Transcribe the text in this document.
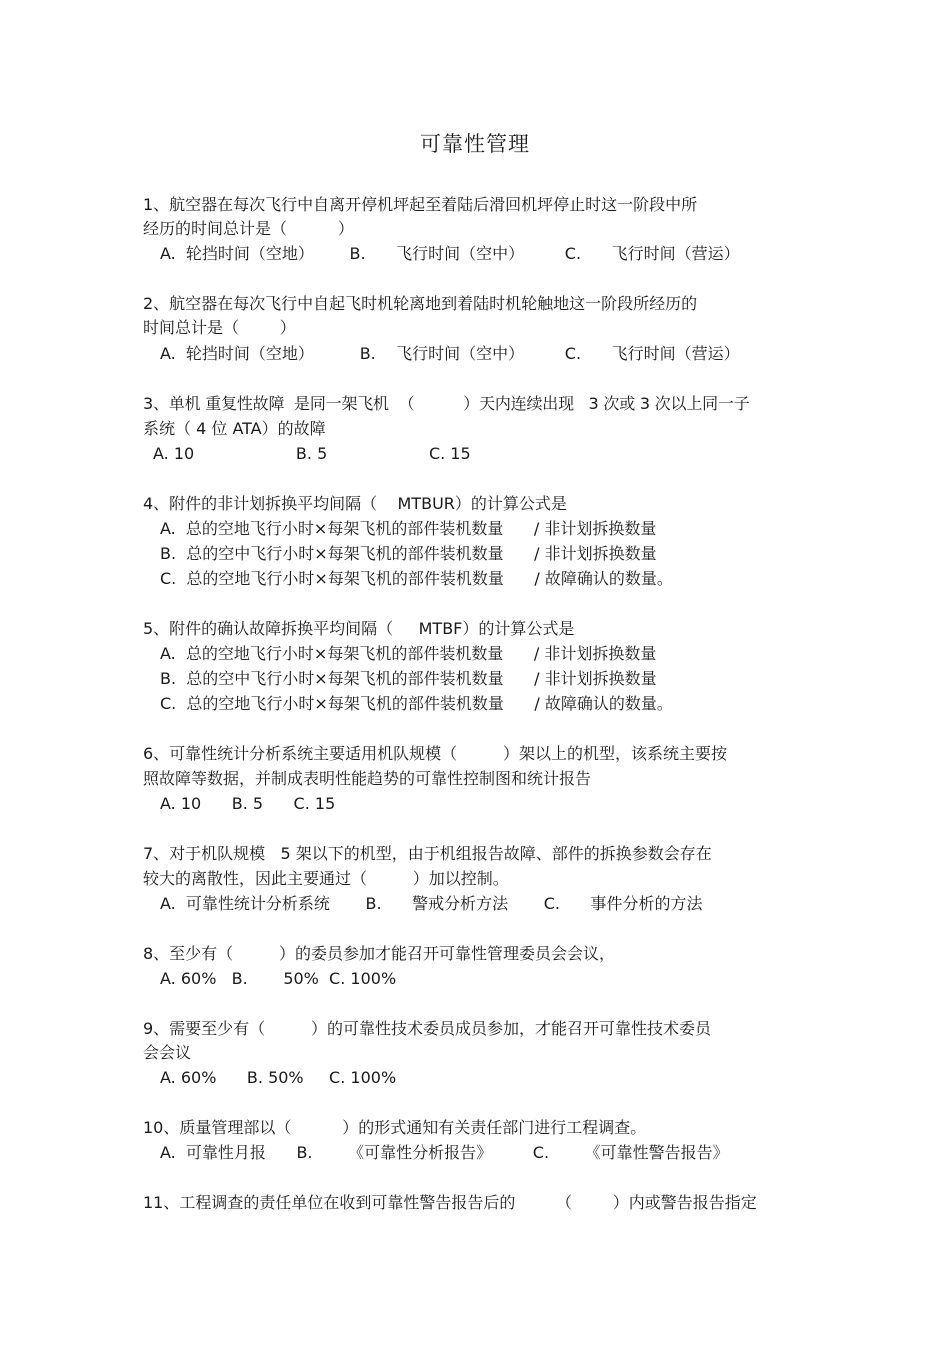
可靠性管理
1、航空器在每次飞行中自离开停机坪起至着陆后滑回机坪停止时这一阶段中所
经历的时间总计是（          ）
A.  轮挡时间（空地）       B.      飞行时间（空中）        C.      飞行时间（营运）
2、航空器在每次飞行中自起飞时机轮离地到着陆时机轮触地这一阶段所经历的
时间总计是（        ）
A.  轮挡时间（空地）         B.    飞行时间（空中）        C.      飞行时间（营运）
3、单机 重复性故障  是同一架飞机  （          ）天内连续出现   3 次或 3 次以上同一子
系统（ 4 位 ATA）的故障
A. 10                    B. 5                    C. 15
4、附件的非计划拆换平均间隔（    MTBUR）的计算公式是
A.  总的空地飞行小时×每架飞机的部件装机数量      / 非计划拆换数量
B.  总的空中飞行小时×每架飞机的部件装机数量      / 非计划拆换数量
C.  总的空地飞行小时×每架飞机的部件装机数量      / 故障确认的数量。
5、附件的确认故障拆换平均间隔（     MTBF）的计算公式是
A.  总的空地飞行小时×每架飞机的部件装机数量      / 非计划拆换数量
B.  总的空中飞行小时×每架飞机的部件装机数量      / 非计划拆换数量
C.  总的空地飞行小时×每架飞机的部件装机数量      / 故障确认的数量。
6、可靠性统计分析系统主要适用机队规模（         ）架以上的机型，该系统主要按
照故障等数据，并制成表明性能趋势的可靠性控制图和统计报告
A. 10      B. 5      C. 15
7、对于机队规模   5 架以下的机型，由于机组报告故障、部件的拆换参数会存在
较大的离散性，因此主要通过（         ）加以控制。
A.  可靠性统计分析系统       B.      警戒分析方法       C.      事件分析的方法
8、至少有（         ）的委员参加才能召开可靠性管理委员会会议，
A. 60%   B.       50%  C. 100%
9、需要至少有（         ）的可靠性技术委员成员参加，才能召开可靠性技术委员
会会议
A. 60%      B. 50%     C. 100%
10、质量管理部以（          ）的形式通知有关责任部门进行工程调查。
A.  可靠性月报      B.       《可靠性分析报告》        C.       《可靠性警告报告》
11、工程调查的责任单位在收到可靠性警告报告后的        （        ）内或警告报告指定
